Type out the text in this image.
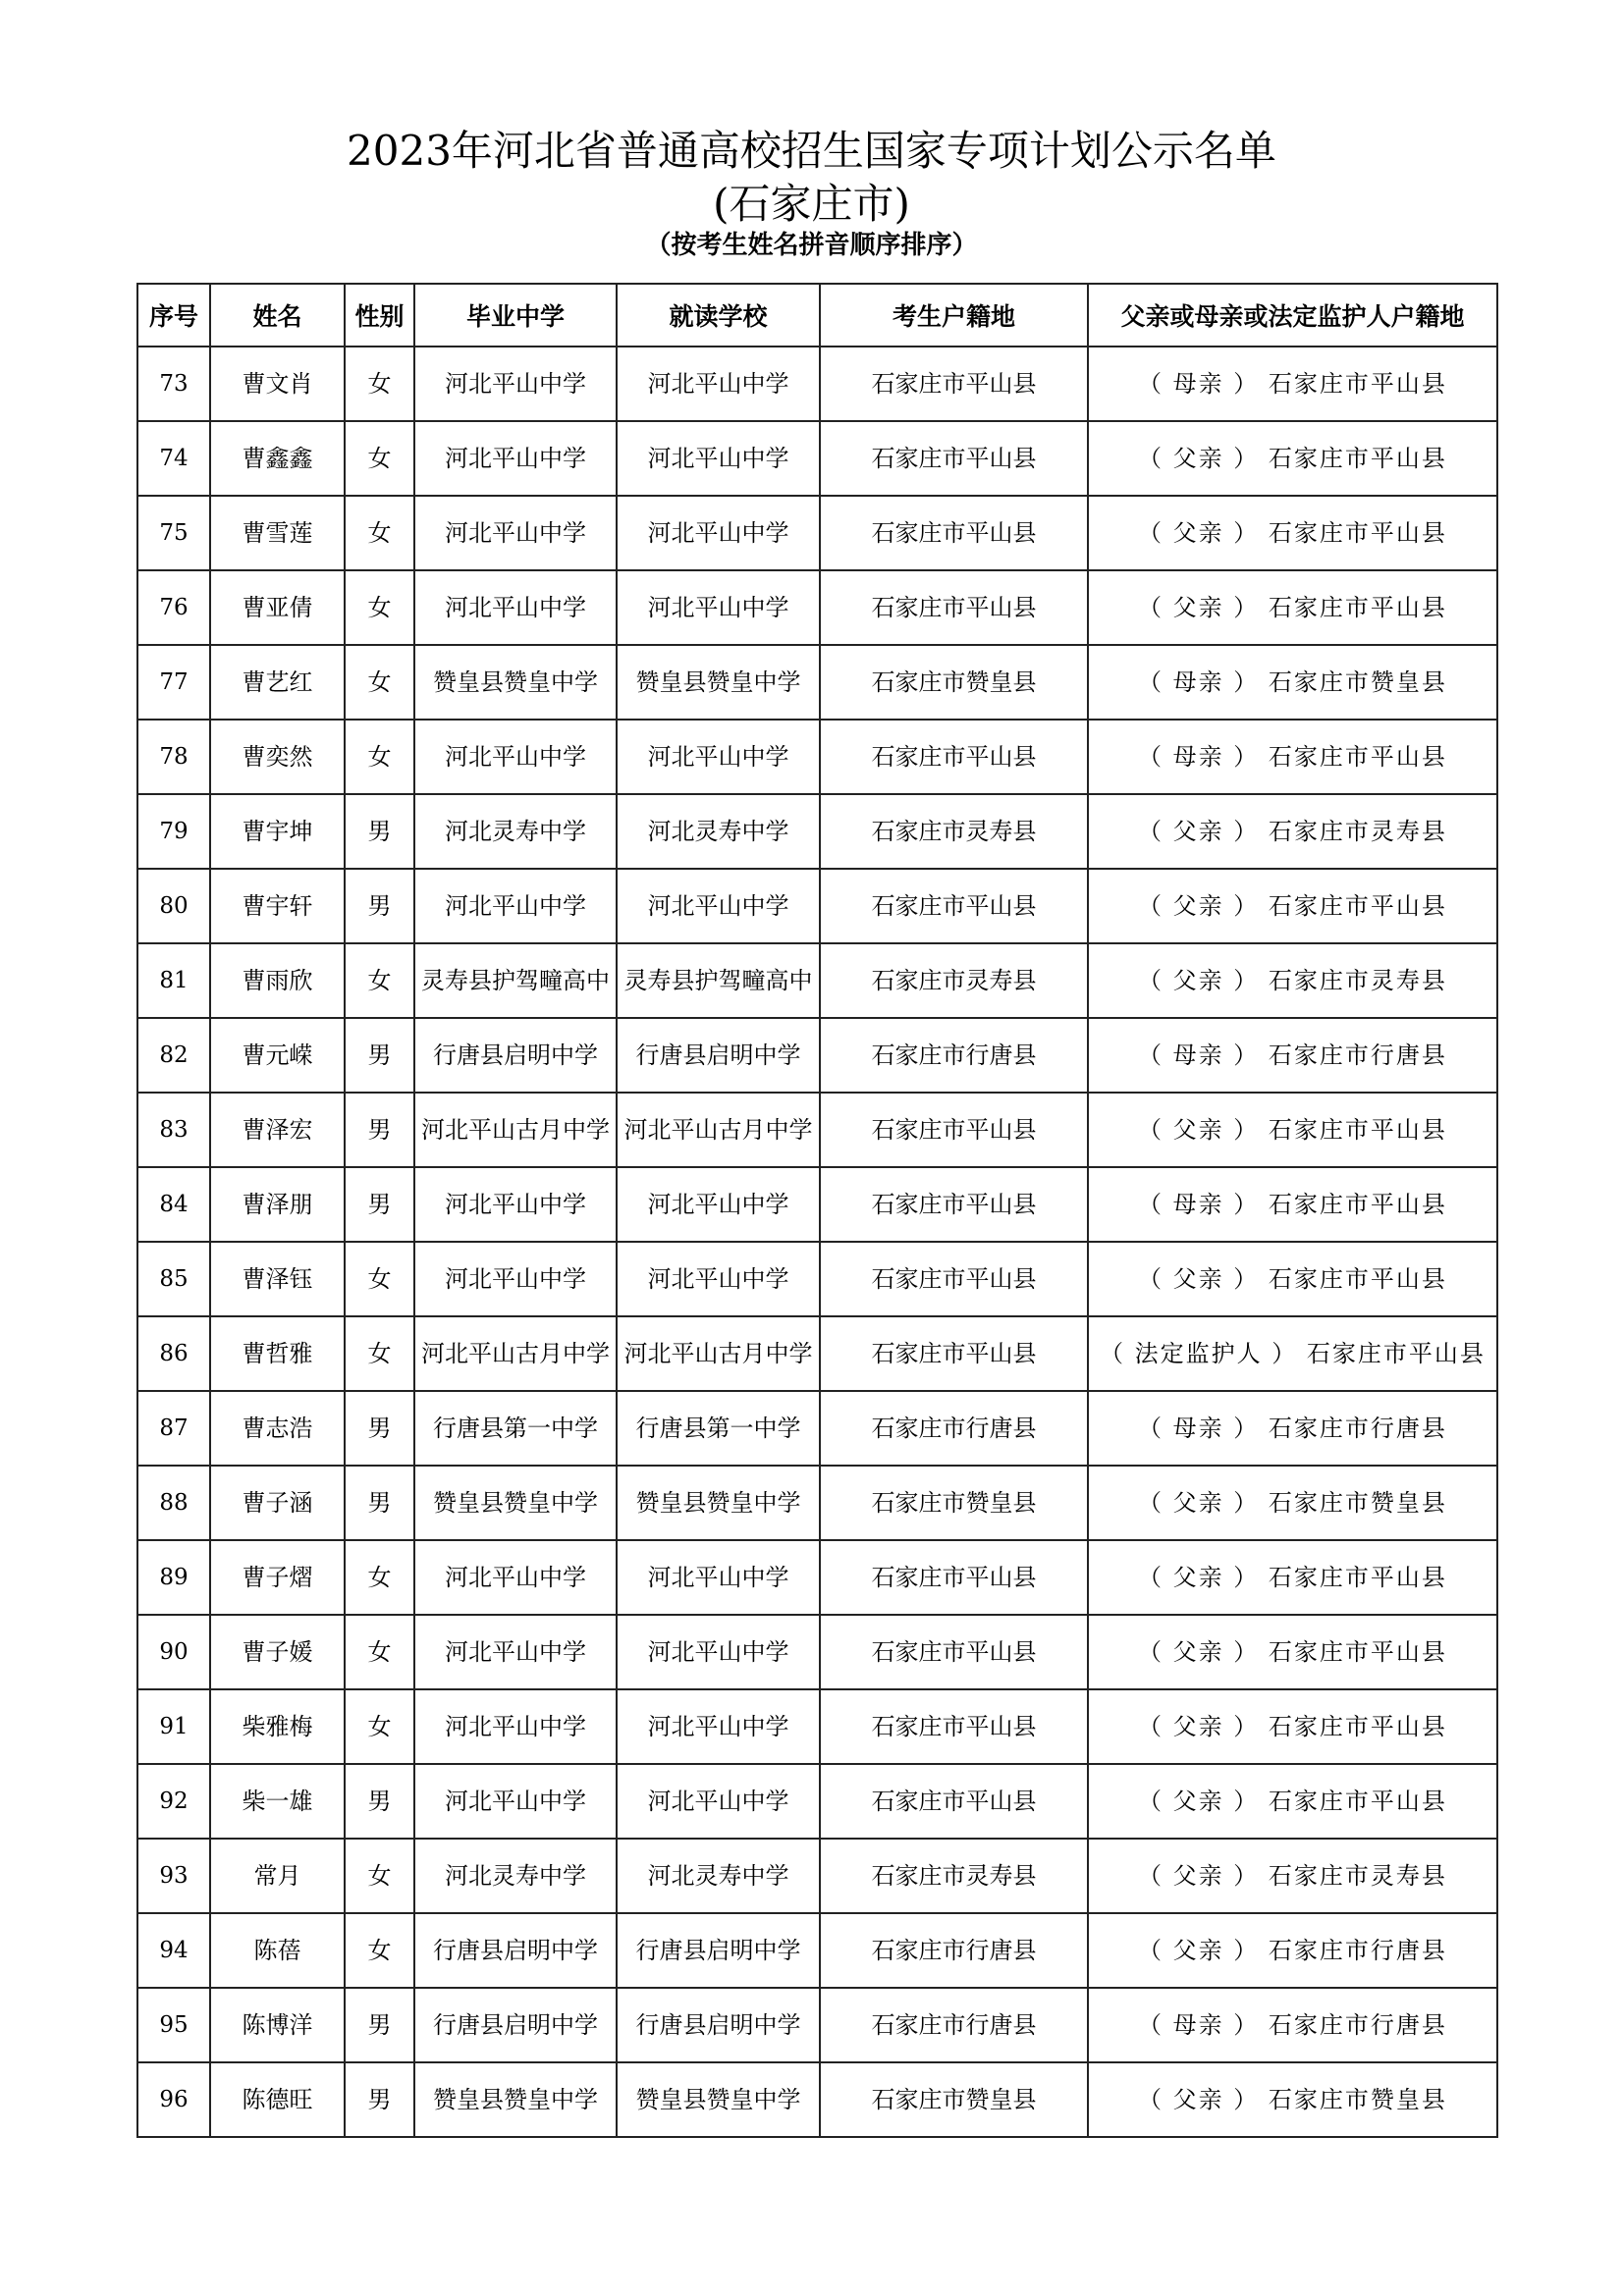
2023年河北省普通高校招生国家专项计划公示名单
(石家庄市)
（按考生姓名拼音顺序排序）
序号	姓名	性别	毕业中学	就读学校	考生户籍地	父亲或母亲或法定监护人户籍地
73	曹文肖	女	河北平山中学	河北平山中学	石家庄市平山县	（ 母亲 ） 石家庄市平山县
74	曹鑫鑫	女	河北平山中学	河北平山中学	石家庄市平山县	（ 父亲 ） 石家庄市平山县
75	曹雪莲	女	河北平山中学	河北平山中学	石家庄市平山县	（ 父亲 ） 石家庄市平山县
76	曹亚倩	女	河北平山中学	河北平山中学	石家庄市平山县	（ 父亲 ） 石家庄市平山县
77	曹艺红	女	赞皇县赞皇中学	赞皇县赞皇中学	石家庄市赞皇县	（ 母亲 ） 石家庄市赞皇县
78	曹奕然	女	河北平山中学	河北平山中学	石家庄市平山县	（ 母亲 ） 石家庄市平山县
79	曹宇坤	男	河北灵寿中学	河北灵寿中学	石家庄市灵寿县	（ 父亲 ） 石家庄市灵寿县
80	曹宇轩	男	河北平山中学	河北平山中学	石家庄市平山县	（ 父亲 ） 石家庄市平山县
81	曹雨欣	女	灵寿县护驾疃高中	灵寿县护驾疃高中	石家庄市灵寿县	（ 父亲 ） 石家庄市灵寿县
82	曹元嵘	男	行唐县启明中学	行唐县启明中学	石家庄市行唐县	（ 母亲 ） 石家庄市行唐县
83	曹泽宏	男	河北平山古月中学	河北平山古月中学	石家庄市平山县	（ 父亲 ） 石家庄市平山县
84	曹泽朋	男	河北平山中学	河北平山中学	石家庄市平山县	（ 母亲 ） 石家庄市平山县
85	曹泽钰	女	河北平山中学	河北平山中学	石家庄市平山县	（ 父亲 ） 石家庄市平山县
86	曹哲雅	女	河北平山古月中学	河北平山古月中学	石家庄市平山县	（ 法定监护人 ） 石家庄市平山县
87	曹志浩	男	行唐县第一中学	行唐县第一中学	石家庄市行唐县	（ 母亲 ） 石家庄市行唐县
88	曹子涵	男	赞皇县赞皇中学	赞皇县赞皇中学	石家庄市赞皇县	（ 父亲 ） 石家庄市赞皇县
89	曹子熠	女	河北平山中学	河北平山中学	石家庄市平山县	（ 父亲 ） 石家庄市平山县
90	曹子媛	女	河北平山中学	河北平山中学	石家庄市平山县	（ 父亲 ） 石家庄市平山县
91	柴雅梅	女	河北平山中学	河北平山中学	石家庄市平山县	（ 父亲 ） 石家庄市平山县
92	柴一雄	男	河北平山中学	河北平山中学	石家庄市平山县	（ 父亲 ） 石家庄市平山县
93	常月	女	河北灵寿中学	河北灵寿中学	石家庄市灵寿县	（ 父亲 ） 石家庄市灵寿县
94	陈蓓	女	行唐县启明中学	行唐县启明中学	石家庄市行唐县	（ 父亲 ） 石家庄市行唐县
95	陈博洋	男	行唐县启明中学	行唐县启明中学	石家庄市行唐县	（ 母亲 ） 石家庄市行唐县
96	陈德旺	男	赞皇县赞皇中学	赞皇县赞皇中学	石家庄市赞皇县	（ 父亲 ） 石家庄市赞皇县
